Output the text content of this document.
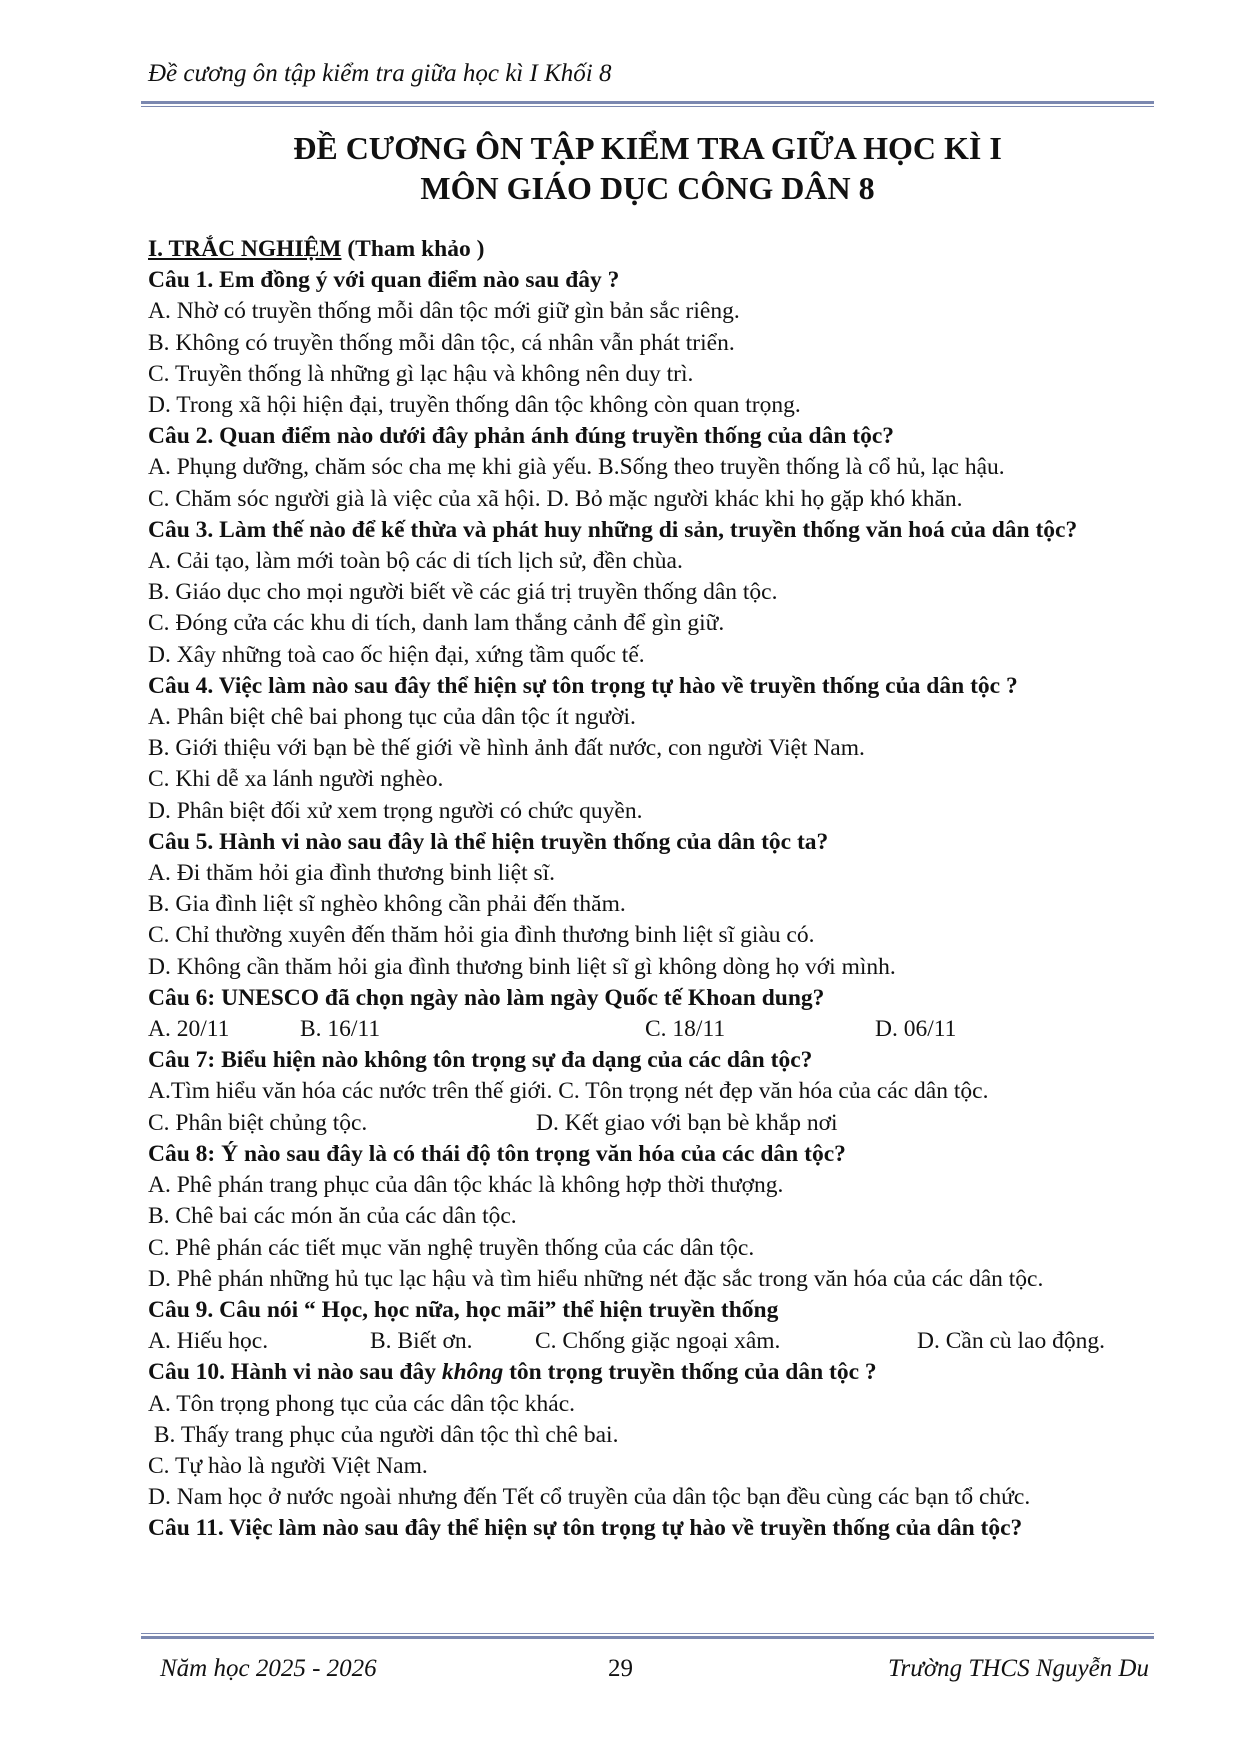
Đề cương ôn tập kiểm tra giữa học kì I Khối 8
ĐỀ CƯƠNG ÔN TẬP KIỂM TRA GIỮA HỌC KÌ I
MÔN GIÁO DỤC CÔNG DÂN 8
I. TRẮC NGHIỆM (Tham khảo )
Câu 1. Em đồng ý với quan điểm nào sau đây ?
A. Nhờ có truyền thống mỗi dân tộc mới giữ gìn bản sắc riêng.
B. Không có truyền thống mỗi dân tộc, cá nhân vẫn phát triển.
C. Truyền thống là những gì lạc hậu và không nên duy trì.
D. Trong xã hội hiện đại, truyền thống dân tộc không còn quan trọng.
Câu 2. Quan điểm nào dưới đây phản ánh đúng truyền thống của dân tộc?
A. Phụng dưỡng, chăm sóc cha mẹ khi già yếu. B.Sống theo truyền thống là cổ hủ, lạc hậu.
C. Chăm sóc người già là việc của xã hội. D. Bỏ mặc người khác khi họ gặp khó khăn.
Câu 3. Làm thế nào để kế thừa và phát huy những di sản, truyền thống văn hoá của dân tộc?
A. Cải tạo, làm mới toàn bộ các di tích lịch sử, đền chùa.
B. Giáo dục cho mọi người biết về các giá trị truyền thống dân tộc.
C. Đóng cửa các khu di tích, danh lam thắng cảnh để gìn giữ.
D. Xây những toà cao ốc hiện đại, xứng tầm quốc tế.
Câu 4. Việc làm nào sau đây thể hiện sự tôn trọng tự hào về truyền thống của dân tộc ?
A. Phân biệt chê bai phong tục của dân tộc ít người.
B. Giới thiệu với bạn bè thế giới về hình ảnh đất nước, con người Việt Nam.
C. Khi dễ xa lánh người nghèo.
D. Phân biệt đối xử xem trọng người có chức quyền.
Câu 5. Hành vi nào sau đây là thể hiện truyền thống của dân tộc ta?
A. Đi thăm hỏi gia đình thương binh liệt sĩ.
B. Gia đình liệt sĩ nghèo không cần phải đến thăm.
C. Chỉ thường xuyên đến thăm hỏi gia đình thương binh liệt sĩ giàu có.
D. Không cần thăm hỏi gia đình thương binh liệt sĩ gì không dòng họ với mình.
Câu 6: UNESCO đã chọn ngày nào làm ngày Quốc tế Khoan dung?
A. 20/11	B. 16/11	C. 18/11	D. 06/11
Câu 7: Biểu hiện nào không tôn trọng sự đa dạng của các dân tộc?
A.Tìm hiểu văn hóa các nước trên thế giới. C. Tôn trọng nét đẹp văn hóa của các dân tộc.
C. Phân biệt chủng tộc.	D. Kết giao với bạn bè khắp nơi
Câu 8: Ý nào sau đây là có thái độ tôn trọng văn hóa của các dân tộc?
A. Phê phán trang phục của dân tộc khác là không hợp thời thượng.
B. Chê bai các món ăn của các dân tộc.
C. Phê phán các tiết mục văn nghệ truyền thống của các dân tộc.
D. Phê phán những hủ tục lạc hậu và tìm hiểu những nét đặc sắc trong văn hóa của các dân tộc.
Câu 9. Câu nói “ Học, học nữa, học mãi” thể hiện truyền thống
A. Hiếu học.	B. Biết ơn.	C. Chống giặc ngoại xâm.	D. Cần cù lao động.
Câu 10. Hành vi nào sau đây không tôn trọng truyền thống của dân tộc ?
A. Tôn trọng phong tục của các dân tộc khác.
B. Thấy trang phục của người dân tộc thì chê bai.
C. Tự hào là người Việt Nam.
D. Nam học ở nước ngoài nhưng đến Tết cổ truyền của dân tộc bạn đều cùng các bạn tổ chức.
Câu 11. Việc làm nào sau đây thể hiện sự tôn trọng tự hào về truyền thống của dân tộc?
Năm học 2025 - 2026	29	Trường THCS Nguyễn Du
